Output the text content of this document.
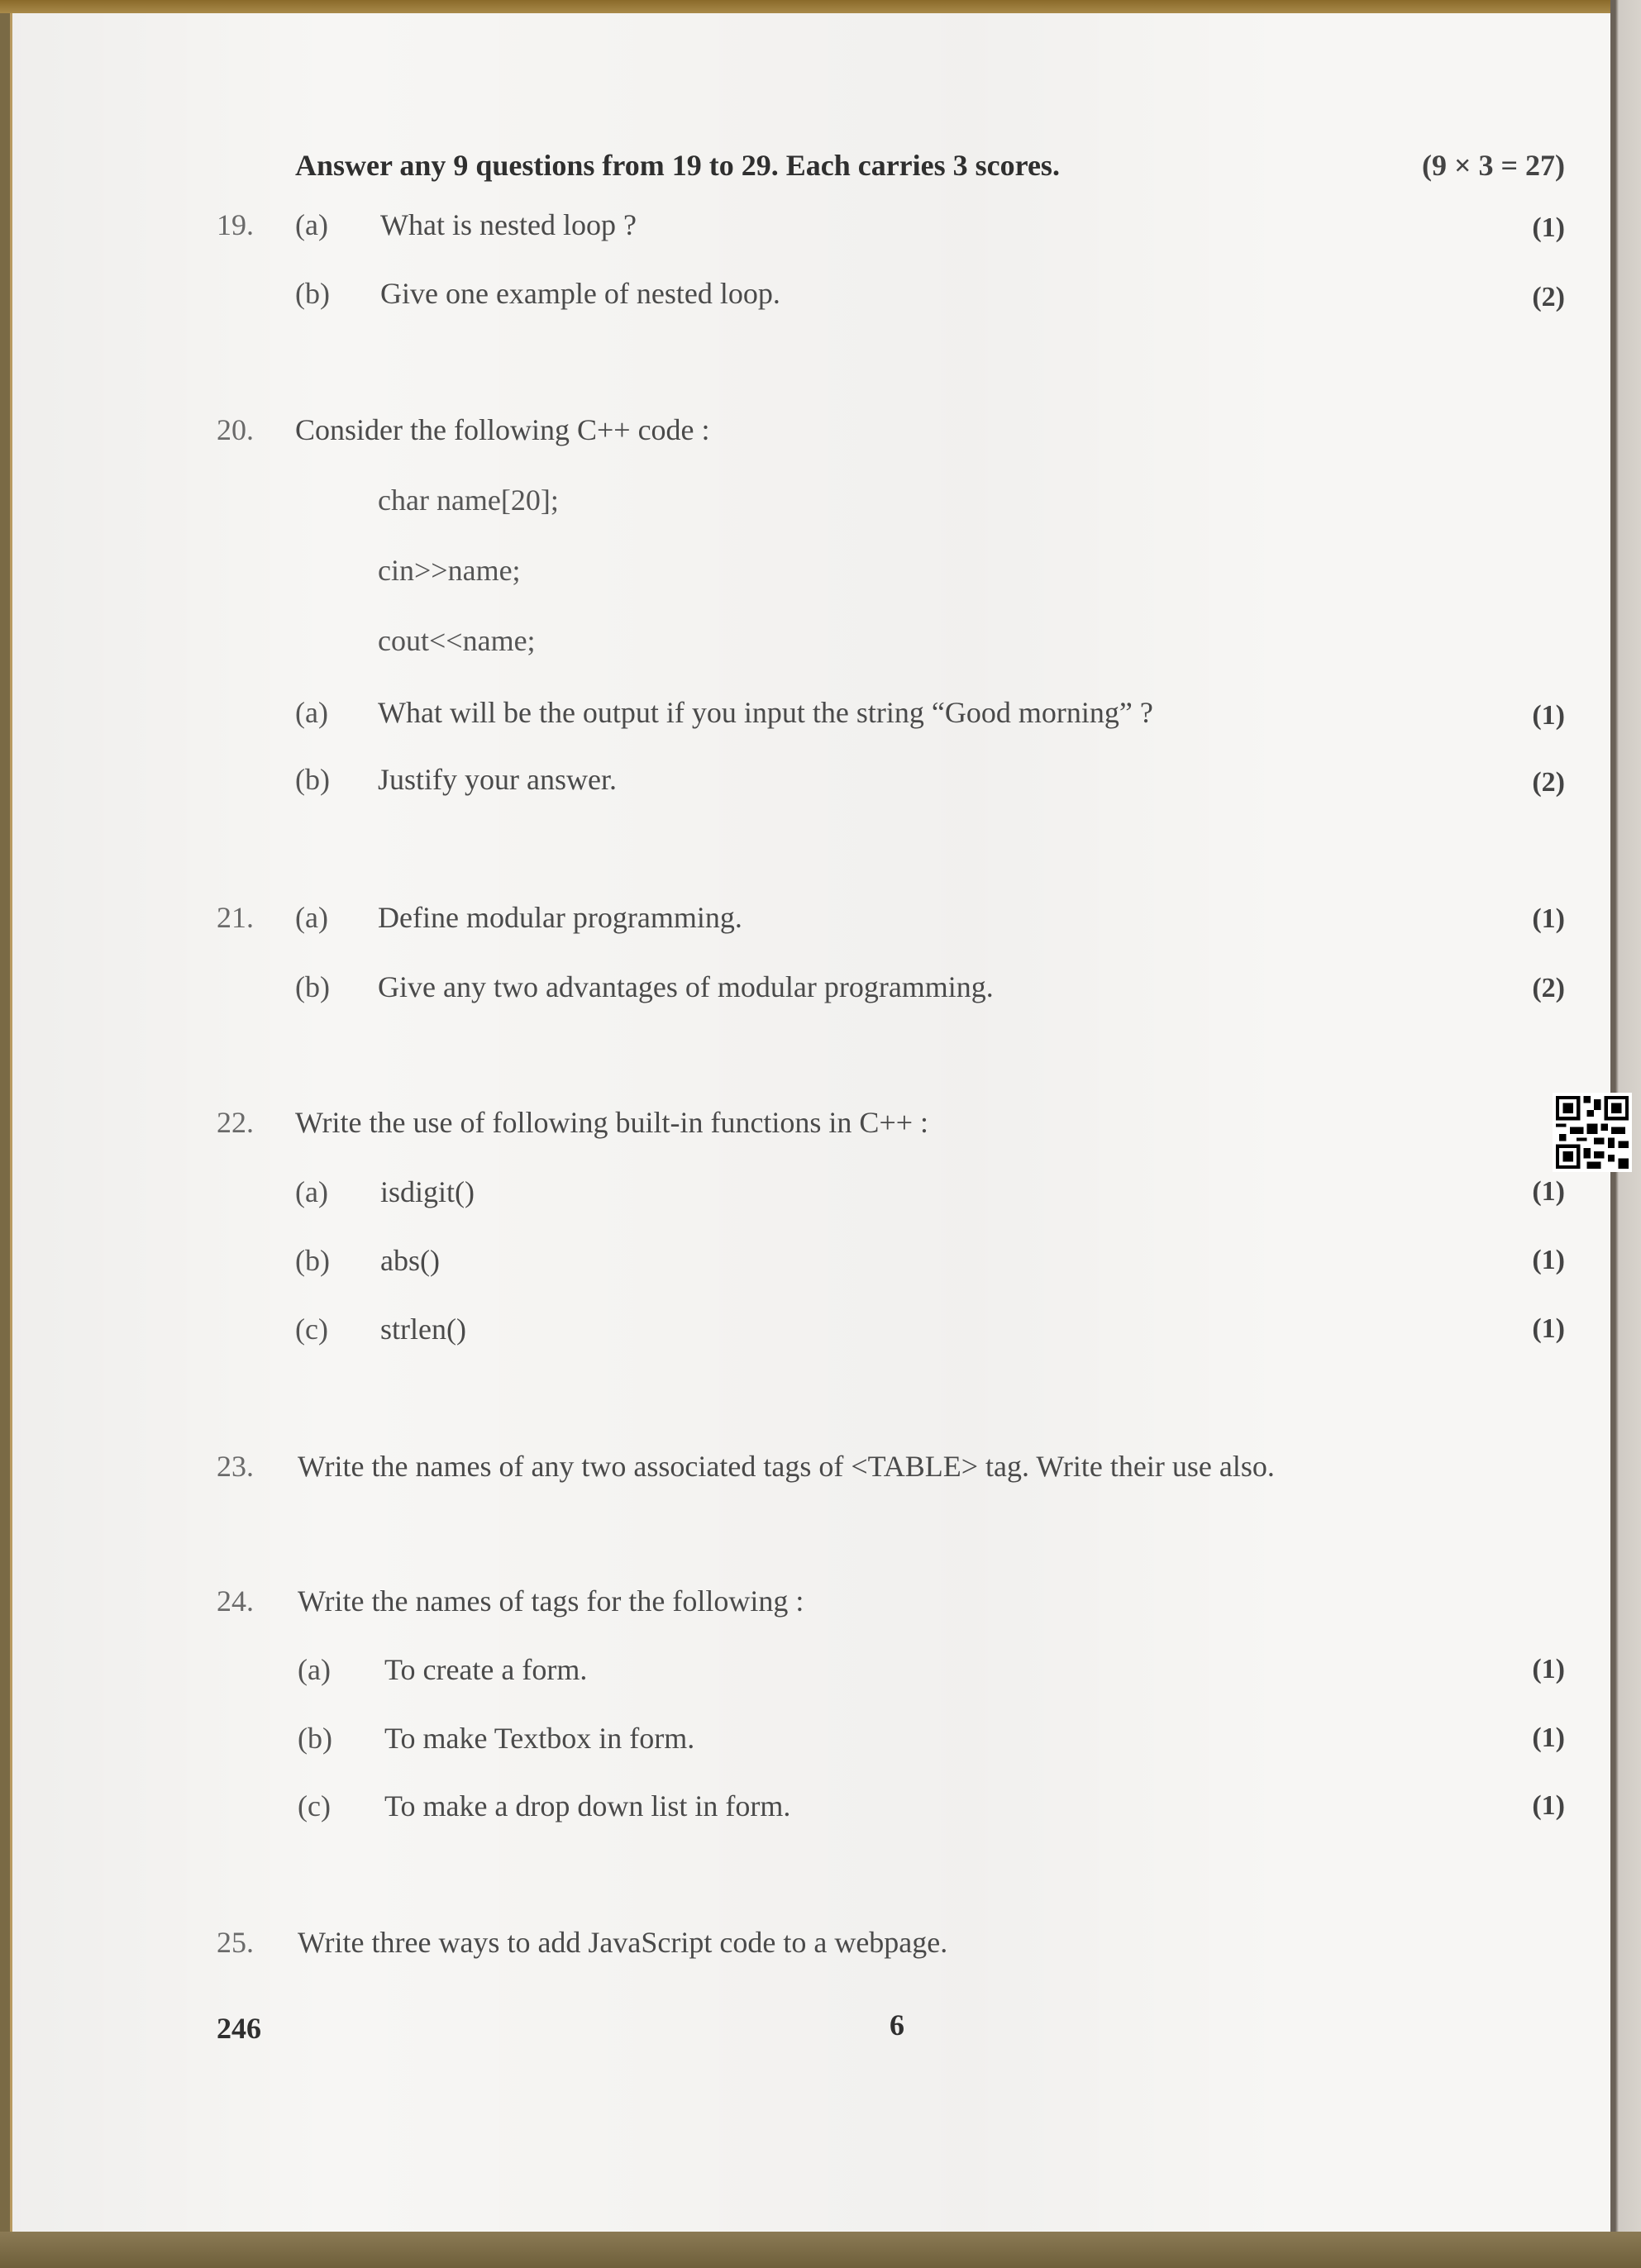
Answer any 9 questions from 19 to 29. Each carries 3 scores.	(9 × 3 = 27)
19. (a) What is nested loop ?	(1)
(b) Give one example of nested loop.	(2)
20. Consider the following C++ code :
char name[20];
cin>>name;
cout<<name;
(a) What will be the output if you input the string “Good morning” ?	(1)
(b) Justify your answer.	(2)
21. (a) Define modular programming.	(1)
(b) Give any two advantages of modular programming.	(2)
22. Write the use of following built-in functions in C++ :
(a) isdigit()	(1)
(b) abs()	(1)
(c) strlen()	(1)
23. Write the names of any two associated tags of <TABLE> tag. Write their use also.
24. Write the names of tags for the following :
(a) To create a form.	(1)
(b) To make Textbox in form.	(1)
(c) To make a drop down list in form.	(1)
25. Write three ways to add JavaScript code to a webpage.
246	6
